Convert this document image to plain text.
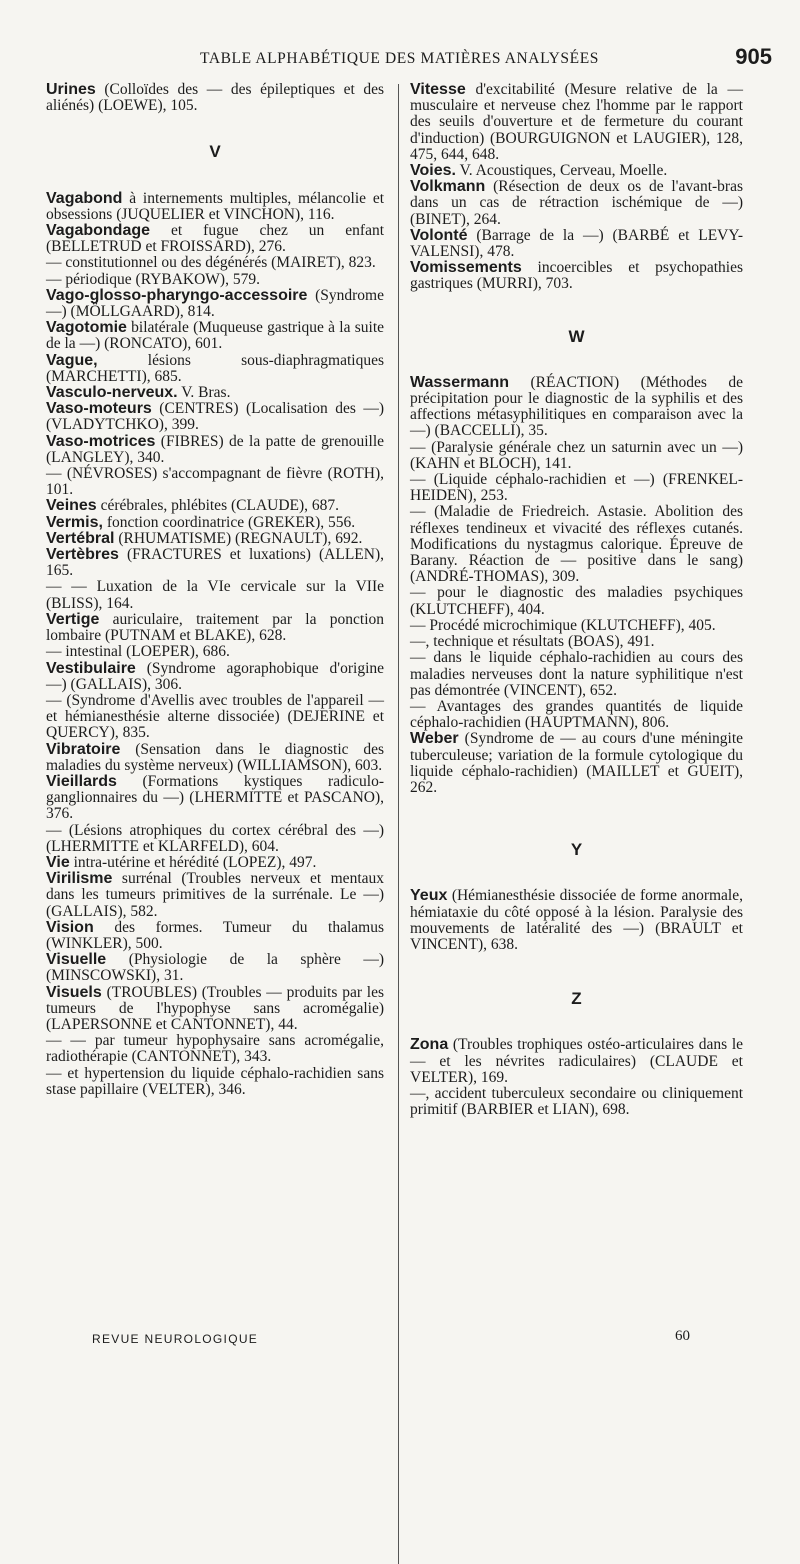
TABLE ALPHABÉTIQUE DES MATIÈRES ANALYSÉES	905
Urines (Colloïdes des — des épileptiques et des aliénés) (LOEWE), 105.
V
Vagabond à internements multiples, mélancolie et obsessions (JUQUELIER et VINCHON), 116.
Vagabondage et fugue chez un enfant (BELLETRUD et FROISSARD), 276.
— constitutionnel ou des dégénérés (MAIRET), 823.
— périodique (RYBAKOW), 579.
Vago-glosso-pharyngo-accessoire (Syndrome —) (MÖLLGAARD), 814.
Vagotomie bilatérale (Muqueuse gastrique à la suite de la —) (RONCATO), 601.
Vague,	lésions sous-diaphragmatiques (MARCHETTI), 685.
Vasculo-nerveux. V. Bras.
Vaso-moteurs (CENTRES) (Localisation des —) (VLADYTCHKO), 399.
Vaso-motrices (FIBRES) de la patte de grenouille (LANGLEY), 340.
— (NÉVROSES) s'accompagnant de fièvre (ROTH), 101.
Veines cérébrales, phlébites (CLAUDE), 687.
Vermis, fonction coordinatrice (GREKER), 556.
Vertébral (RHUMATISME) (REGNAULT), 692.
Vertèbres (FRACTURES et luxations) (ALLEN), 165.
— — Luxation de la VIe cervicale sur la VIIe (BLISS), 164.
Vertige auriculaire, traitement par la ponction lombaire (PUTNAM et BLAKE), 628.
— intestinal (LOEPER), 686.
Vestibulaire (Syndrome agoraphobique d'origine —) (GALLAIS), 306.
— (Syndrome d'Avellis avec troubles de l'appareil — et hémianesthésie alterne dissociée) (DEJERINE et QUERCY), 835.
Vibratoire (Sensation dans le diagnostic des maladies du système nerveux) (WILLIAMSON), 603.
Vieillards (Formations kystiques radiculo-ganglionnaires du —) (LHERMITTE et PASCANO), 376.
— (Lésions atrophiques du cortex cérébral des —) (LHERMITTE et KLARFELD), 604.
Vie intra-utérine et hérédité (LOPEZ), 497.
Virilisme surrénal (Troubles nerveux et mentaux dans les tumeurs primitives de la surrénale. Le —) (GALLAIS), 582.
Vision des formes. Tumeur du thalamus (WINKLER), 500.
Visuelle (Physiologie de la sphère —) (MINSCOWSKI), 31.
Visuels (TROUBLES) (Troubles — produits par les tumeurs de l'hypophyse sans acromégalie) (LAPERSONNE et CANTONNET), 44.
— — par tumeur hypophysaire sans acromégalie, radiothérapie (CANTONNET), 343.
— et hypertension du liquide céphalo-rachidien sans stase papillaire (VELTER), 346.
Vitesse d'excitabilité (Mesure relative de la — musculaire et nerveuse chez l'homme par le rapport des seuils d'ouverture et de fermeture du courant d'induction) (BOURGUIGNON et LAUGIER), 128, 475, 644, 648.
Voies. V. Acoustiques, Cerveau, Moelle.
Volkmann (Résection de deux os de l'avant-bras dans un cas de rétraction ischémique de —) (BINET), 264.
Volonté (Barrage de la —) (BARBÉ et LEVY-VALENSI), 478.
Vomissements incoercibles et psychopathies gastriques (MURRI), 703.
W
Wassermann (RÉACTION) (Méthodes de précipitation pour le diagnostic de la syphilis et des affections métasyphilitiques en comparaison avec la —) (BACCELLI), 35.
— (Paralysie générale chez un saturnin avec un —) (KAHN et BLOCH), 141.
— (Liquide céphalo-rachidien et —) (FRENKEL-HEIDEN), 253.
— (Maladie de Friedreich. Astasie. Abolition des réflexes tendineux et vivacité des réflexes cutanés. Modifications du nystagmus calorique. Épreuve de Barany. Réaction de — positive dans le sang) (ANDRÉ-THOMAS), 309.
— pour le diagnostic des maladies psychiques (KLUTCHEFF), 404.
— Procédé microchimique (KLUTCHEFF), 405.
—, technique et résultats (BOAS), 491.
— dans le liquide céphalo-rachidien au cours des maladies nerveuses dont la nature syphilitique n'est pas démontrée (VINCENT), 652.
— Avantages des grandes quantités de liquide céphalo-rachidien (HAUPTMANN), 806.
Weber (Syndrome de — au cours d'une méningite tuberculeuse; variation de la formule cytologique du liquide céphalo-rachidien) (MAILLET et GUEIT), 262.
Y
Yeux (Hémianesthésie dissociée de forme anormale, hémiataxie du côté opposé à la lésion. Paralysie des mouvements de latéralité des —) (BRAULT et VINCENT), 638.
Z
Zona (Troubles trophiques ostéo-articulaires dans le — et les névrites radiculaires) (CLAUDE et VELTER), 169.
—, accident tuberculeux secondaire ou cliniquement primitif (BARBIER et LIAN), 698.
REVUE NEUROLOGIQUE	60
